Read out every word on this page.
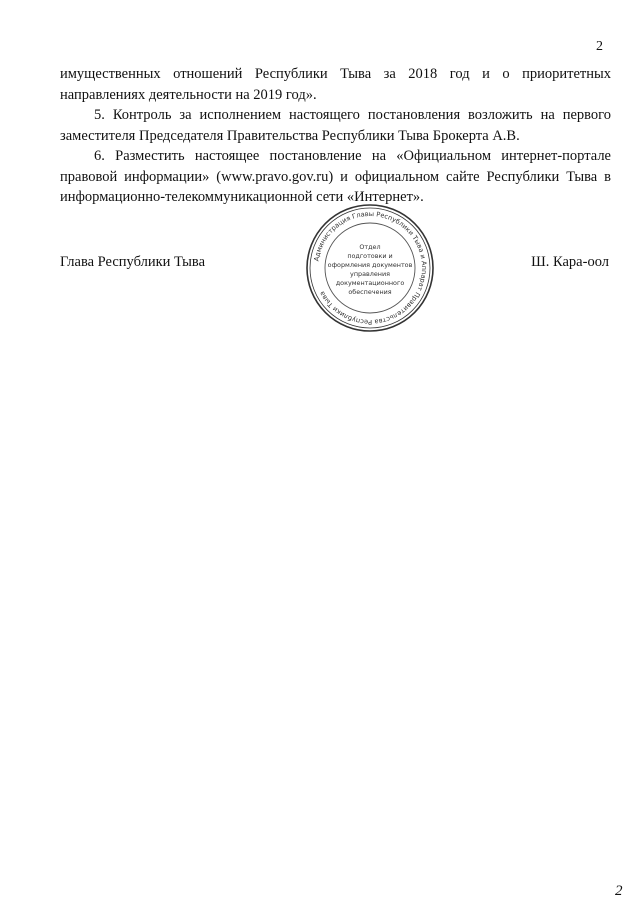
2

имущественных отношений Республики Тыва за 2018 год и о приоритетных направлениях деятельности на 2019 год».

5. Контроль за исполнением настоящего постановления возложить на первого заместителя Председателя Правительства Республики Тыва Брокерта А.В.

6. Разместить настоящее постановление на «Официальном интернет-портале правовой информации» (www.pravo.gov.ru) и официальном сайте Республики Тыва в информационно-телекоммуникационной сети «Интернет».

Глава Республики Тыва	Администрация Главы Республики Тыва и Аппарат Правительства Республики Тыва
Отдел
подготовки и
оформления документов
управления
документационного
обеспечения
Ш. Кара-оол
2
